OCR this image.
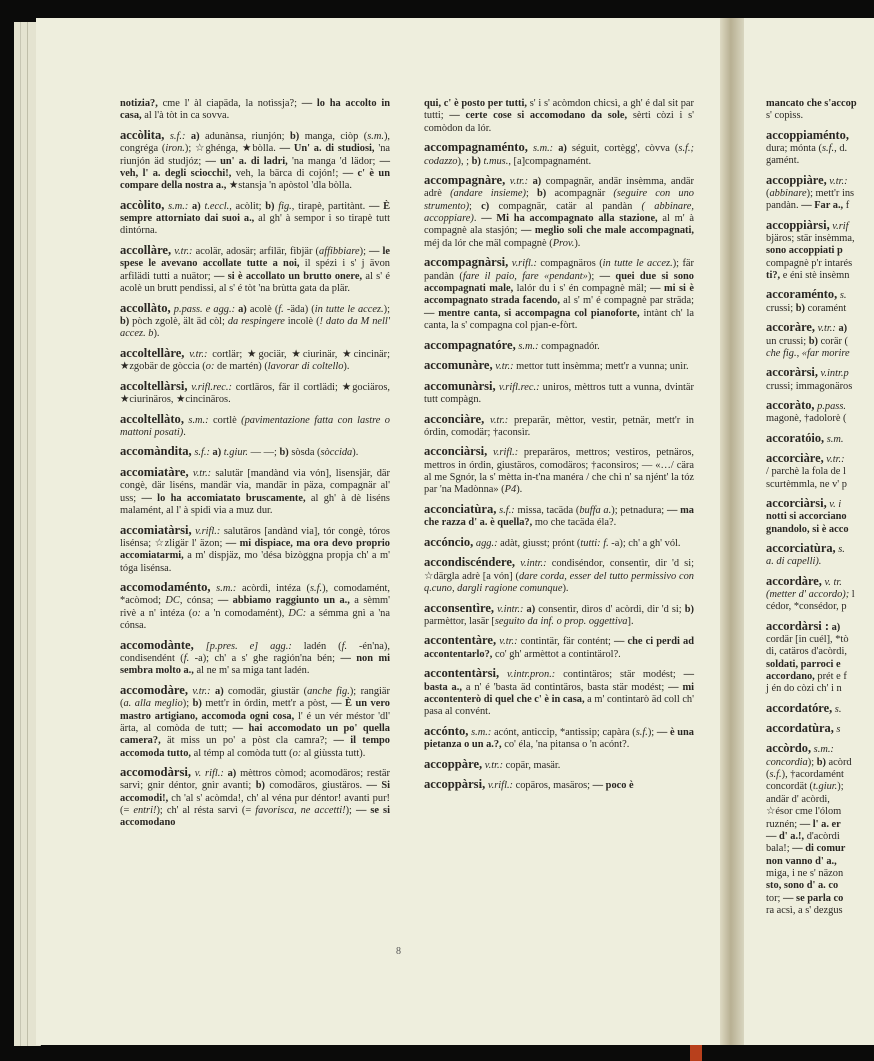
notizia?, cme l' àl ciapäda, la notìssja?; — lo ha accolto in casa, al l'à tòt in ca sovva.

accòlita, s.f.: a) adunànsa, riunjón; b) manga, ciòp (s.m.), congréga (iron.); ☆ghénga, ★bòlla. — Un' a. di studiosi, 'na riunjón äd studjóz; — un' a. di ladri, 'na manga 'd lädor; — veh, l' a. degli sciocchi!, veh, la bärca di cojón!; — c' è un compare della nostra a., ★stansja 'n apòstol 'dla bòlla.

accòlito, s.m.: a) t.eccl., acòlit; b) fig., tirapè, partitànt. — È sempre attorniato dai suoi a., al gh' à sempor i so tirapè tutt dintórna.

accollàre, v.tr.: acolär, adosär; arfilär, fibjär (affibbiare); — le spese le avevano accollate tutte a noi, il spézi i s' j ävon arfilädi tutti a nuätor; — si è accollato un brutto onere, al s' é acolè un brutt pendissi, al s' é tòt 'na brùtta gata da plär.

accollàto, p.pass. e agg.: a) acolè (f. -äda) (in tutte le accez.); b) pòch zgolè, ält äd còl; da respingere incolè (! dato da M nell' accez. b).

accoltellàre, v.tr.: cortlär; ★gociär, ★ciurinär, ★cincinär; ★zgobär de gòccia (o: de martén) (lavorar di coltello).

accoltellàrsi, v.rifl.rec.: cortläros, fär il cortlädi; ★gociäros, ★ciurinäros, ★cincinäros.

accoltellàto, s.m.: cortlè (pavimentazione fatta con lastre o mattoni posati).

accomàndita, s.f.: a) t.giur. — —; b) sòsda (sòccida).

accomiatàre, v.tr.: salutär [mandànd via vón], lisensjär, där congè, där liséns, mandär via, mandär in päza, compagnär al' uss; — lo ha accomiatato bruscamente, al gh' à dè liséns malamént, al l' à spidì via a muz dur.

accomiatàrsi, v.rifl.: salutäros [andànd via], tór congè, tóros lisénsa; ☆zligär l' äzon; — mi dispiace, ma ora devo proprio accomiatarmi, a m' dispjäz, mo 'désa bizòggna propja ch' a m' tóga lisénsa.

accomodaménto, s.m.: acòrdi, intéza (s.f.), comodamént, *acòmod; DC, cónsa; — abbiamo raggiunto un a., a sèmm' rivè a n' intéza (o: a 'n comodamént), DC: a sémma gnì a 'na cónsa.

accomodànte, [p.pres. e] agg.: ladén (f. -én'na), condisendént (f. -a); ch' a s' ghe ragión'na bén; — non mi sembra molto a., al ne m' sa miga tant ladén.

accomodàre, v.tr.: a) comodär, giustär (anche fig.); rangiär (a. alla meglio); b) mett'r in órdin, mett'r a pòst, — È un vero mastro artigiano, accomoda ogni cosa, l' é un vér méstor 'dl' ärta, al comòda de tutt; — hai accomodato un po' quella camera?, ät miss un po' a pòst cla camra?; — il tempo accomoda tutto, al témp al comòda tutt (o: al giùssta tutt).

accomodàrsi, v. rifl.: a) mèttros còmod; acomodäros; restär sarvì; gnir déntor, gnìr avanti; b) comodäros, giustäros. — Si accomodi!, ch 'al s' acòmda!, ch' al véna pur déntor! avanti pur! (= entri!); ch' al résta sarvì (= favorisca, ne accetti!); — se si accomodano

qui, c' è posto per tutti, s' i s' acòmdon chicsì, a gh' é dal sit par tutti; — certe cose si accomodano da sole, sèrti còzi i s' comòdon da lór.

accompagnaménto, s.m.: a) séguit, cortègg', còvva (s.f.; codazzo), ; b) t.mus., [a]compagnamént.

accompagnàre, v.tr.: a) compagnär, andär insèmma, andär adrè (andare insieme); b) acompagnär (seguire con uno strumento); c) compagnär, catär al pandàn ( abbinare, accoppiare). — Mi ha accompagnato alla stazione, al m' à compagnè ala stasjón; — meglio soli che male accompagnati, méj da lór che mäl compagnè (Prov.).

accompagnàrsi, v.rifl.: compagnäros (in tutte le accez.); fär pandàn (fare il paio, fare «pendant»); — quei due si sono accompagnati male, lalór du i s' én compagnè mäl; — mi si è accompagnato strada facendo, al s' m' é compagnè par sträda; — mentre canta, si accompagna col pianoforte, intànt ch' la canta, la s' compagna col pjan-e-fòrt.

accompagnatóre, s.m.: compagnadór.

accomunàre, v.tr.: mettor tutt insèmma; mett'r a vunna; unìr.

accomunàrsi, v.rifl.rec.: uniros, mèttros tutt a vunna, dvintär tutt compàgn.

acconciàre, v.tr.: preparär, mèttor, vestìr, petnär, mett'r in órdin, comodär; †aconsìr.

acconciàrsi, v.rifl.: preparäros, mettros; vestiros, petnäros, mettros in órdin, giustäros, comodäros; †aconsiros; — «…/ cära al me Sgnór, la s' mètta in-t'na manéra / che chi n' sa njént' la tóz par 'na Madònna» (P4).

acconciatùra, s.f.: missa, tacäda (buffa a.); petnadura; — ma che razza d' a. è quella?, mo che tacäda éla?.

accóncio, agg.: adàt, giusst; prónt (tutti: f. -a); ch' a gh' vól.

accondiscéndere, v.intr.: condiséndor, consentìr, dir 'd si; ☆därgla adrè [a vón] (dare corda, esser del tutto permissivo con q.cuno, dargli ragione comunque).

acconsentìre, v.intr.: a) consentìr, dìros d' acòrdi, dir 'd si; b) parmèttor, lasär [seguito da inf. o prop. oggettiva].

accontentàre, v.tr.: contintär, fär contént; — che ci perdi ad accontentarlo?, co' gh' armèttot a contintärol?.

accontentàrsi, v.intr.pron.: contintäros; stär modést; — basta a., a n' é 'basta äd contintäros, basta stär modést; — mi accontenterò di quel che c' è in casa, a m' contintarò äd coll ch' pasa al convént.

accónto, s.m.: acónt, anticcip, *antissip; capàra (s.f.); — è una pietanza o un a.?, co' éla, 'na pitansa o 'n acónt?.

accoppàre, v.tr.: copär, masär.

accoppàrsi, v.rifl.: copäros, masäros; — poco è

mancato che s'accop
s' copìss.
accoppiaménto,
dura; mónta (s.f., d.
gamént.
accoppiàre, v.tr.:
(abbinare); mett'r ins
pandàn. — Far a., f
accoppiàrsi, v.rif
bjäros; stär insèmma,
sono accoppiati p
compagnè p'r intarés
ti?, e éni stè insèmn
accoraménto, s.
crussi; b) coramént
accoràre, v.tr.: a)
un crussi; b) corär (
che fig., «far morire
accoràrsi, v.intr.p
crussi; immagonäros
accoràto, p.pass.
magonè, †adolorè (
accoratóio, s.m.
accorciàre, v.tr.:
/ parchè la fola de l
scurtèmmla, ne v' p
accorciàrsi, v. i
notti si accorciano
gnandolo, si è acco
accorciatùra, s.
a. di capelli).
accordàre, v. tr.
(metter d' accordo); l
cédor, *consédor, p
accordàrsi : a)
cordär [in cuél], *tò
di, catäros d'acòrdi,
soldati, parroci e
accordano, prét e f
j én do còzi ch' i n
accordatóre, s.
accordatùra, s
accòrdo, s.m.:
concordia); b) acòrd
(s.f.), †acordamént
concordät (t.giur.);
andär d' acòrdi,
☆ésor cme l'ólom
ruznén; — l' a. er
— d' a.!, d'acòrdi
bala!; — di comur
non vanno d' a.,
miga, i ne s' näzon
sto, sono d' a. co
tor; — se parla co
ra acsì, a s' dezgus
8
